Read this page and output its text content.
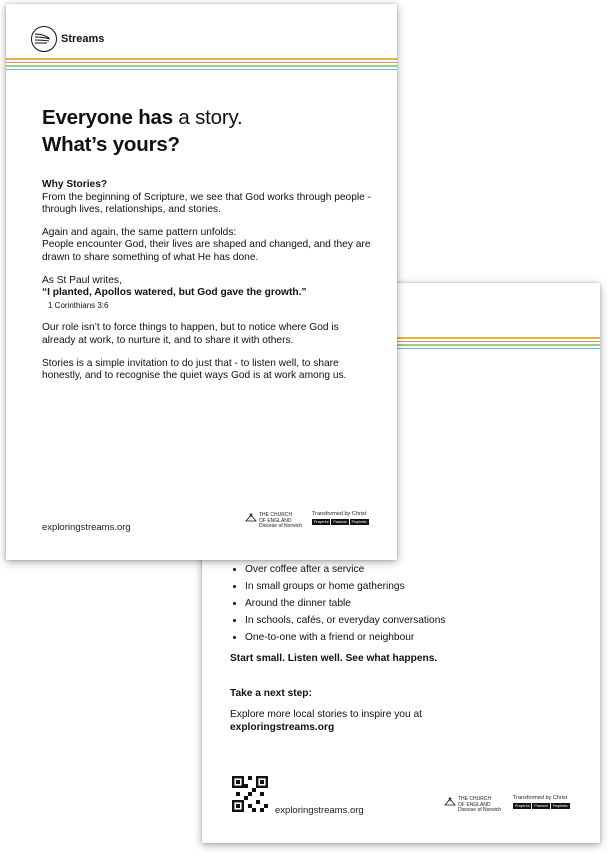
• Over coffee after a service
• In small groups or home gatherings
• Around the dinner table
• In schools, cafés, or everyday conversations
• One-to-one with a friend or neighbour
Start small. Listen well. See what happens.
Take a next step:
Explore more local stories to inspire you at
exploringstreams.org
exploringstreams.org
THE CHURCH
OF ENGLAND
Diocese of Norwich
Transformed by Christ
Prayerful	Pastoral	Prophetic
Streams
Everyone has a story.
What’s yours?

Why Stories?
From the beginning of Scripture, we see that God works through people - through lives, relationships, and stories.

Again and again, the same pattern unfolds:
People encounter God, their lives are shaped and changed, and they are drawn to share something of what He has done.

As St Paul writes,
“I planted, Apollos watered, but God gave the growth.”
1 Corinthians 3:6

Our role isn’t to force things to happen, but to notice where God is already at work, to nurture it, and to share it with others.

Stories is a simple invitation to do just that - to listen well, to share honestly, and to recognise the quiet ways God is at work among us.

exploringstreams.org
THE CHURCH
OF ENGLAND
Diocese of Norwich
Transformed by Christ
Prayerful	Pastoral	Prophetic
